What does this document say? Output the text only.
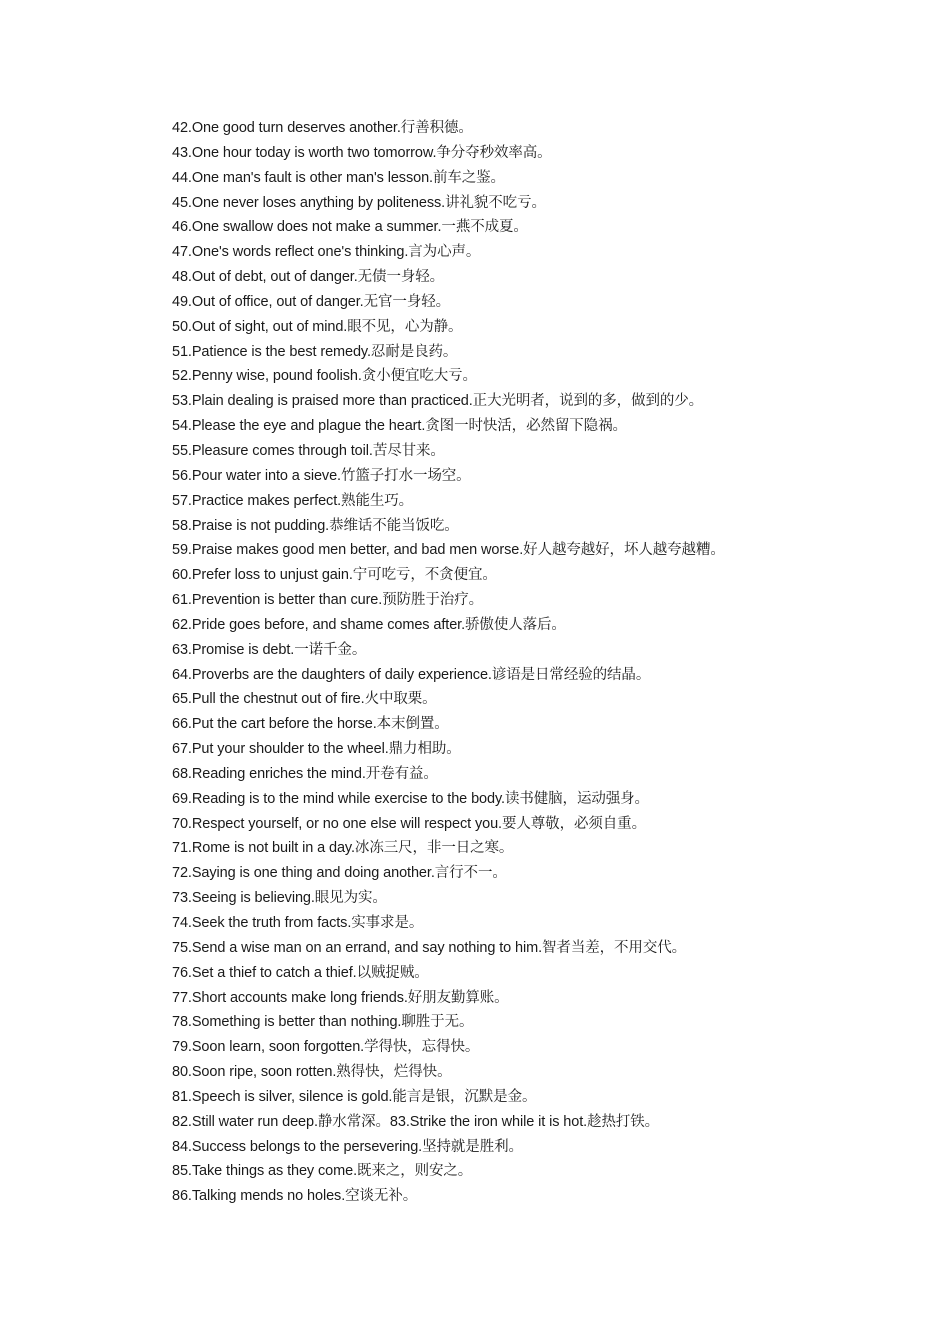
42.One good turn deserves another.行善积德。
43.One hour today is worth two tomorrow.争分夺秒效率高。
44.One man's fault is other man's lesson.前车之鉴。
45.One never loses anything by politeness.讲礼貌不吃亏。
46.One swallow does not make a summer.一燕不成夏。
47.One's words reflect one's thinking.言为心声。
48.Out of debt, out of danger.无债一身轻。
49.Out of office, out of danger.无官一身轻。
50.Out of sight, out of mind.眼不见，心为静。
51.Patience is the best remedy.忍耐是良药。
52.Penny wise, pound foolish.贪小便宜吃大亏。
53.Plain dealing is praised more than practiced.正大光明者，说到的多，做到的少。
54.Please the eye and plague the heart.贪图一时快活，必然留下隐祸。
55.Pleasure comes through toil.苦尽甘来。
56.Pour water into a sieve.竹篮子打水一场空。
57.Practice makes perfect.熟能生巧。
58.Praise is not pudding.恭维话不能当饭吃。
59.Praise makes good men better, and bad men worse.好人越夸越好，坏人越夸越糟。
60.Prefer loss to unjust gain.宁可吃亏，不贪便宜。
61.Prevention is better than cure.预防胜于治疗。
62.Pride goes before, and shame comes after.骄傲使人落后。
63.Promise is debt.一诺千金。
64.Proverbs are the daughters of daily experience.谚语是日常经验的结晶。
65.Pull the chestnut out of fire.火中取栗。
66.Put the cart before the horse.本末倒置。
67.Put your shoulder to the wheel.鼎力相助。
68.Reading enriches the mind.开卷有益。
69.Reading is to the mind while exercise to the body.读书健脑，运动强身。
70.Respect yourself, or no one else will respect you.要人尊敬，必须自重。
71.Rome is not built in a day.冰冻三尺，非一日之寒。
72.Saying is one thing and doing another.言行不一。
73.Seeing is believing.眼见为实。
74.Seek the truth from facts.实事求是。
75.Send a wise man on an errand, and say nothing to him.智者当差，不用交代。
76.Set a thief to catch a thief.以贼捉贼。
77.Short accounts make long friends.好朋友勤算账。
78.Something is better than nothing.聊胜于无。
79.Soon learn, soon forgotten.学得快，忘得快。
80.Soon ripe, soon rotten.熟得快，烂得快。
81.Speech is silver, silence is gold.能言是银，沉默是金。
82.Still water run deep.静水常深。83.Strike the iron while it is hot.趁热打铁。
84.Success belongs to the persevering.坚持就是胜利。
85.Take things as they come.既来之，则安之。
86.Talking mends no holes.空谈无补。
